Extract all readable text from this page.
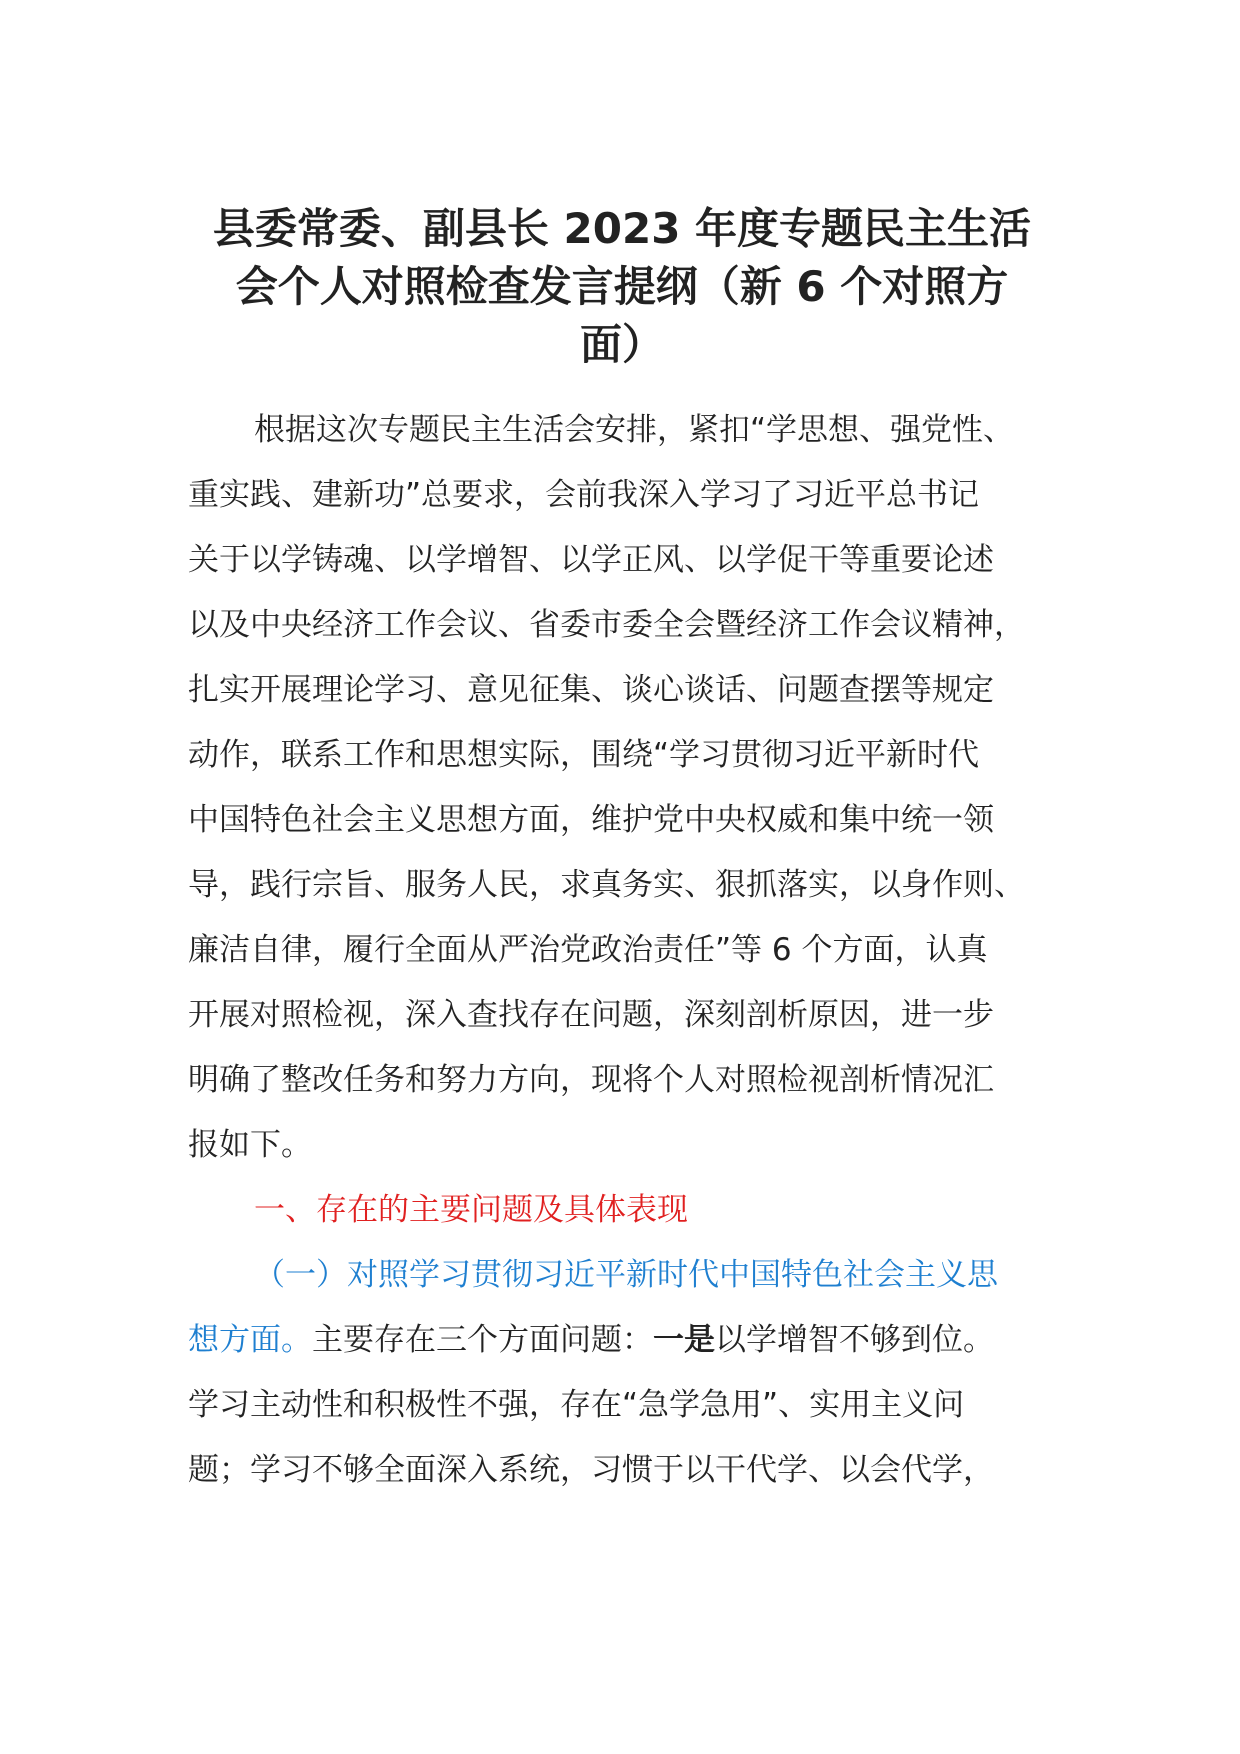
县委常委、副县长 2023 年度专题民主生活
会个人对照检查发言提纲（新 6 个对照方
面）
根据这次专题民主生活会安排，紧扣“学思想、强党性、
重实践、建新功”总要求，会前我深入学习了习近平总书记
关于以学铸魂、以学增智、以学正风、以学促干等重要论述
以及中央经济工作会议、省委市委全会暨经济工作会议精神，
扎实开展理论学习、意见征集、谈心谈话、问题查摆等规定
动作，联系工作和思想实际，围绕“学习贯彻习近平新时代
中国特色社会主义思想方面，维护党中央权威和集中统一领
导，践行宗旨、服务人民，求真务实、狠抓落实，以身作则、
廉洁自律，履行全面从严治党政治责任”等 6 个方面，认真
开展对照检视，深入查找存在问题，深刻剖析原因，进一步
明确了整改任务和努力方向，现将个人对照检视剖析情况汇
报如下。
一、存在的主要问题及具体表现
（一）对照学习贯彻习近平新时代中国特色社会主义思
想方面。主要存在三个方面问题：一是以学增智不够到位。
学习主动性和积极性不强，存在“急学急用”、实用主义问
题；学习不够全面深入系统，习惯于以干代学、以会代学，
